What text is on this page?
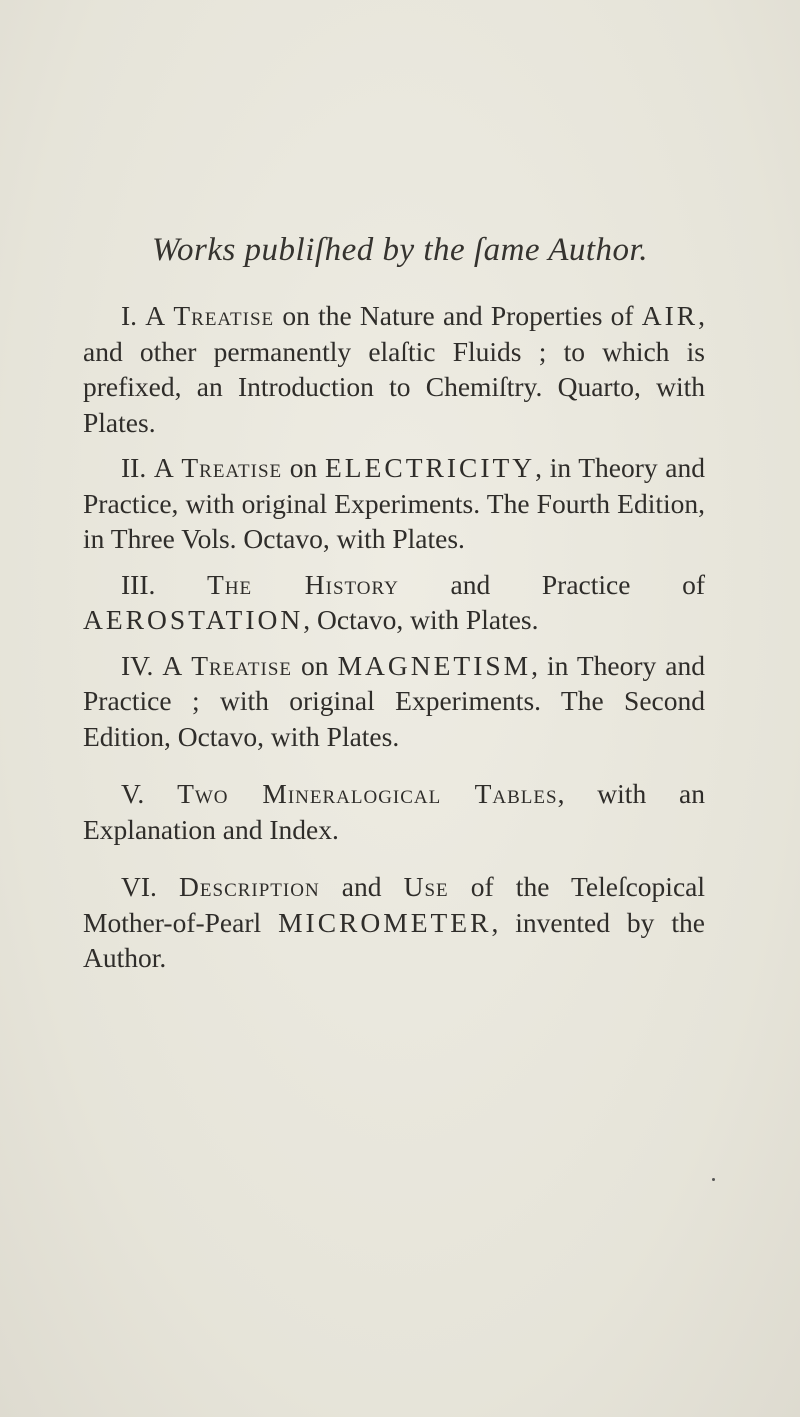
Works publiſhed by the ſame Author.

I. A Treatise on the Nature and Properties of AIR, and other permanently elaſtic Fluids ; to which is prefixed, an Introduction to Chemiſtry. Quarto, with Plates.

II. A Treatise on ELECTRICITY, in Theory and Practice, with original Experiments. The Fourth Edition, in Three Vols. Octavo, with Plates.

III. The History and Practice of AEROSTATION, Octavo, with Plates.

IV. A Treatise on MAGNETISM, in Theory and Practice ; with original Experiments. The Second Edition, Octavo, with Plates.

V. Two Mineralogical Tables, with an Explanation and Index.

VI. Description and Use of the Teleſcopical Mother-of-Pearl MICROMETER, invented by the Author.
